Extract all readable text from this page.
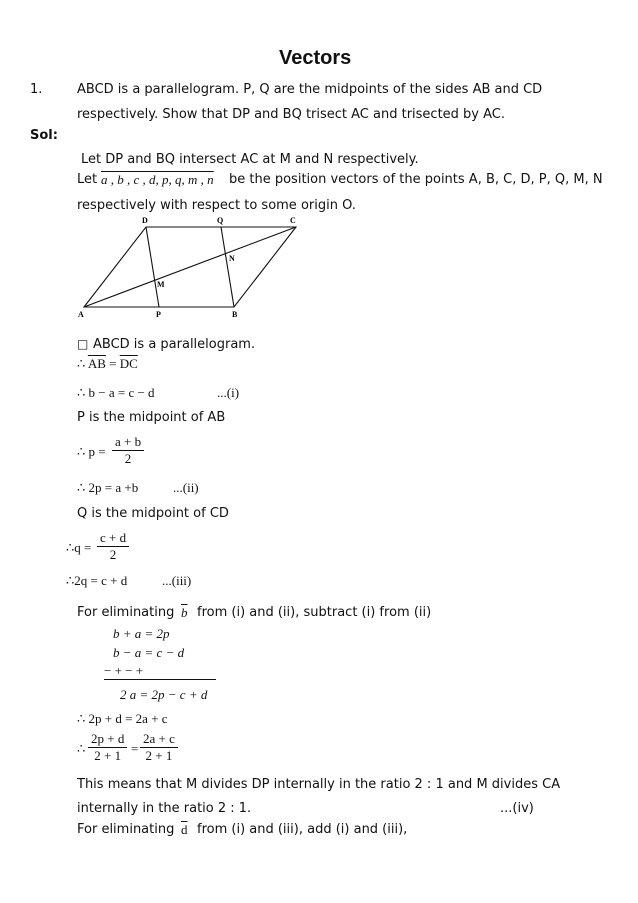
Vectors
1.	ABCD is a parallelogram. P, Q are the midpoints of the sides AB and CD
respectively. Show that DP and BQ trisect AC and trisected by AC.
Sol:
Let DP and BQ intersect AC at M and N respectively.
Let a , b , c , d, p, q, m , n be the position vectors of the points A, B, C, D, P, Q, M, N
respectively with respect to some origin O.
A	B
C
D
P
Q
M
N
□ ABCD is a parallelogram.
∴ $\overline{AB} = \overline{DC}$
∴ b − a = c − d	...(i)
P is the midpoint of AB
∴ $p = \frac{a + b}{2}$
∴ 2p = a +b	...(ii)
Q is the midpoint of CD
∴q = $\frac{c + d}{2}$
∴2q = c + d	...(iii)
For eliminating $\overline{b}$ from (i) and (ii), subtract (i) from (ii)
b + a = 2p
b − a = c − d
− + − +
2 a = 2p − c + d
∴ 2p + d = 2a + c
∴ $\frac{2p + d}{2 + 1} = \frac{2a + c}{2 + 1}$
This means that M divides DP internally in the ratio 2 : 1 and M divides CA
internally in the ratio 2 : 1.	...(iv)
For eliminating $\overline{d}$ from (i) and (iii), add (i) and (iii),
